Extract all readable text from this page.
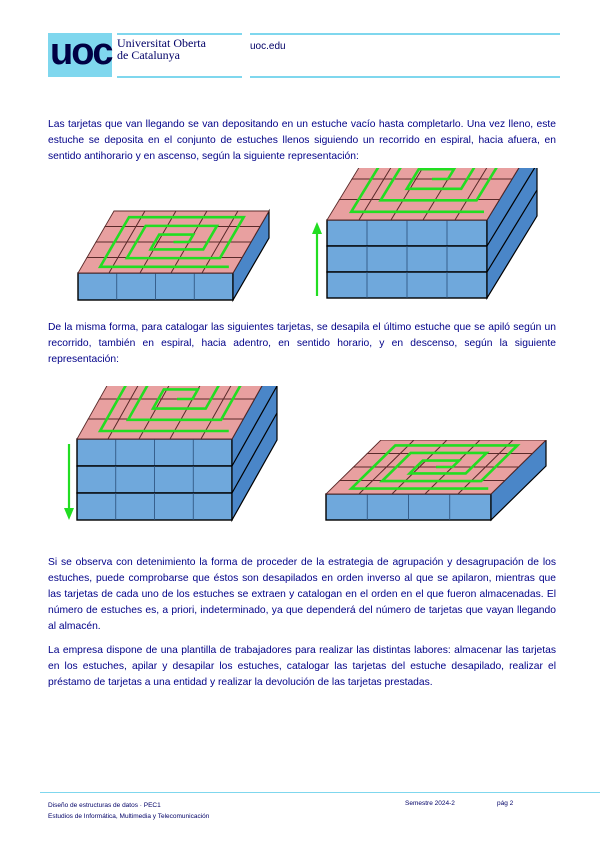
uoc Universitat Oberta
de Catalunya
uoc.edu

Las tarjetas que van llegando se van depositando en un estuche vacío hasta completarlo. Una vez lleno, este estuche se deposita en el conjunto de estuches llenos siguiendo un recorrido en espiral, hacia afuera, en sentido antihorario y en ascenso, según la siguiente representación:

De la misma forma, para catalogar las siguientes tarjetas, se desapila el último estuche que se apiló según un recorrido, también en espiral, hacia adentro, en sentido horario, y en descenso, según la siguiente representación:

Si se observa con detenimiento la forma de proceder de la estrategia de agrupación y desagrupación de los estuches, puede comprobarse que éstos son desapilados en orden inverso al que se apilaron, mientras que las tarjetas de cada uno de los estuches se extraen y catalogan en el orden en el que fueron almacenadas. El número de estuches es, a priori, indeterminado, ya que dependerá del número de tarjetas que vayan llegando al almacén.

La empresa dispone de una plantilla de trabajadores para realizar las distintas labores: almacenar las tarjetas en los estuches, apilar y desapilar los estuches, catalogar las tarjetas del estuche desapilado, realizar el préstamo de tarjetas a una entidad y realizar la devolución de las tarjetas prestadas.

Diseño de estructuras de datos · PEC1
Estudios de Informática, Multimedia y Telecomunicación
Semestre 2024-2	pág 2
